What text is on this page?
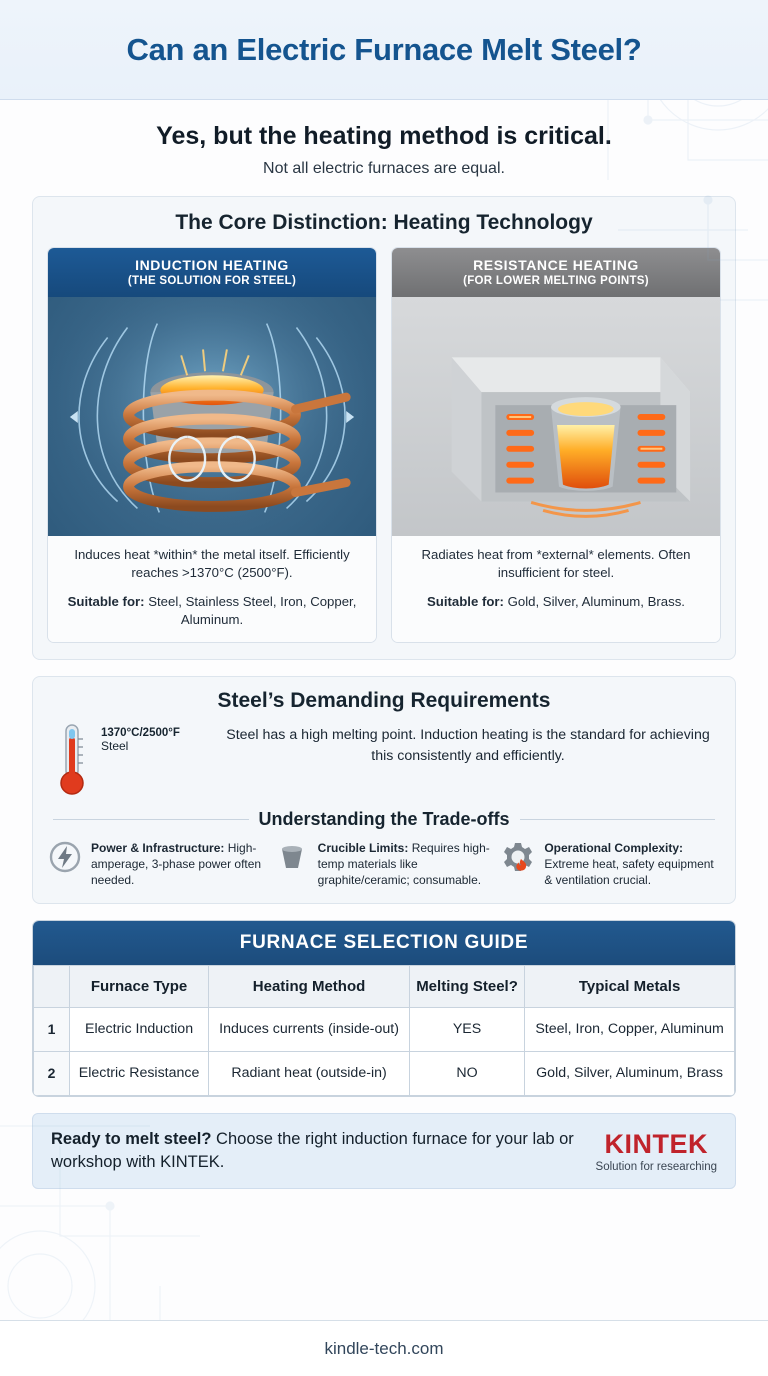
Can an Electric Furnace Melt Steel?
Yes, but the heating method is critical.
Not all electric furnaces are equal.
The Core Distinction: Heating Technology
INDUCTION HEATING
(THE SOLUTION FOR STEEL)
Induces heat *within* the metal itself. Efficiently reaches >1370°C (2500°F).
Suitable for: Steel, Stainless Steel, Iron, Copper, Aluminum.
RESISTANCE HEATING
(FOR LOWER MELTING POINTS)
Radiates heat from *external* elements. Often insufficient for steel.
Suitable for: Gold, Silver, Aluminum, Brass.
Steel’s Demanding Requirements
1370°C/2500°F
Steel
Steel has a high melting point. Induction heating is the standard for achieving this consistently and efficiently.
Understanding the Trade-offs
Power & Infrastructure: High-amperage, 3-phase power often needed.
Crucible Limits: Requires high-temp materials like graphite/ceramic; consumable.
Operational Complexity: Extreme heat, safety equipment & ventilation crucial.
FURNACE SELECTION GUIDE
	Furnace Type	Heating Method	Melting Steel?	Typical Metals
1	Electric Induction	Induces currents (inside-out)	YES	Steel, Iron, Copper, Aluminum
2	Electric Resistance	Radiant heat (outside-in)	NO	Gold, Silver, Aluminum, Brass
Ready to melt steel? Choose the right induction furnace for your lab or workshop with KINTEK.
KINTEK
Solution for researching
kindle-tech.com
